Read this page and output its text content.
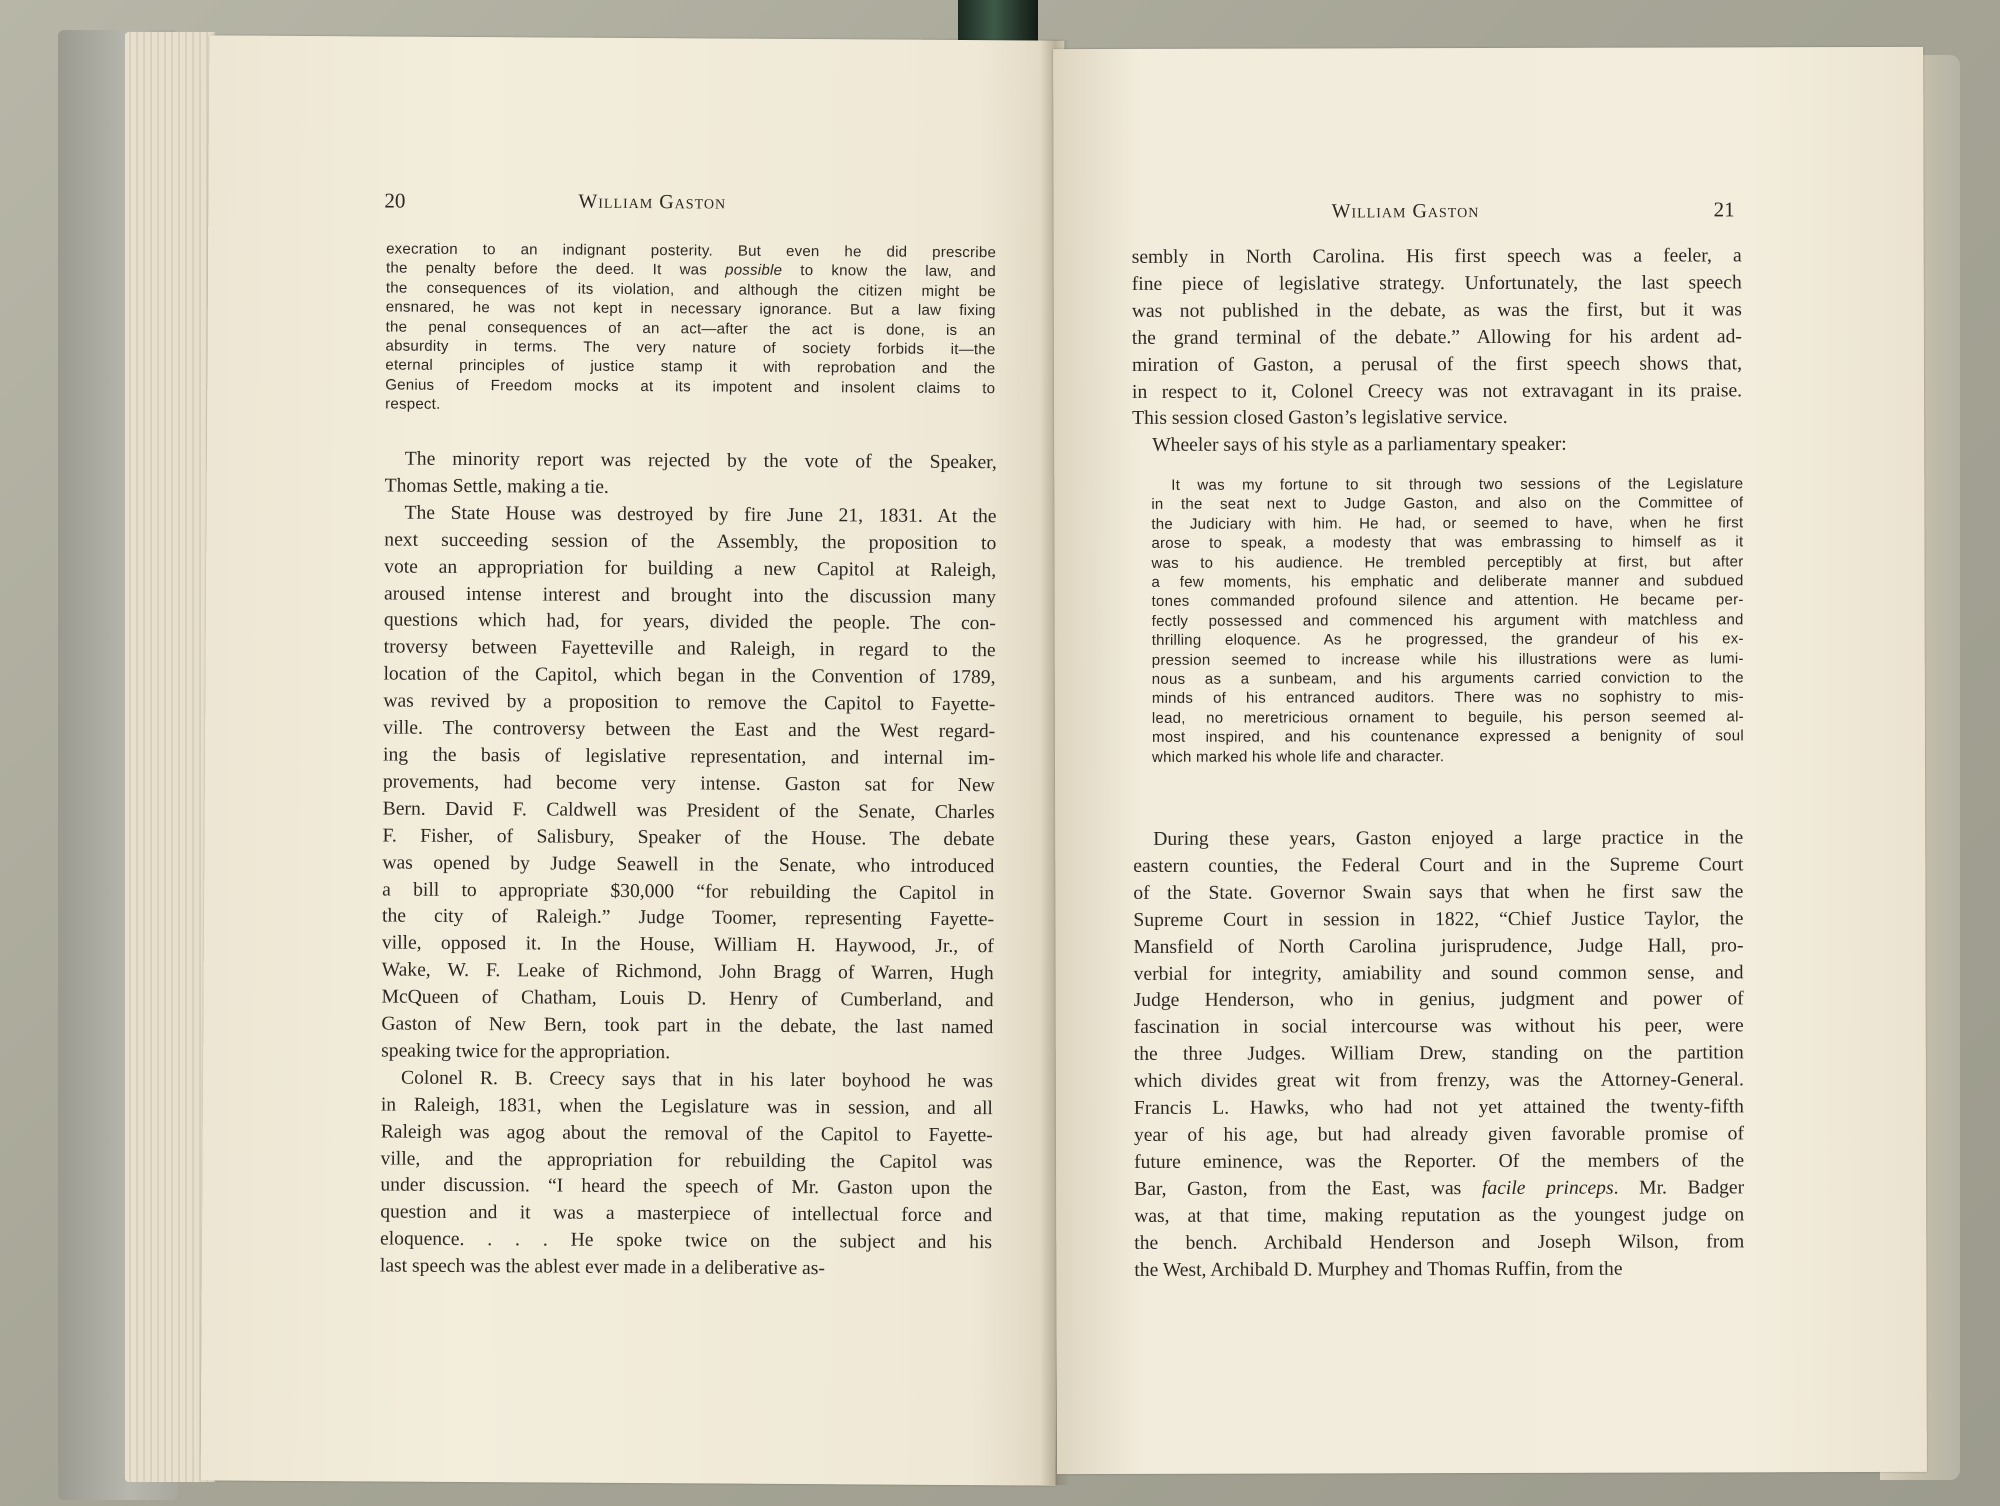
20	William Gaston
execration to an indignant posterity. But even he did prescribe
the penalty before the deed. It was possible to know the law, and
the consequences of its violation, and although the citizen might be
ensnared, he was not kept in necessary ignorance. But a law fixing
the penal consequences of an act—after the act is done, is an
absurdity in terms. The very nature of society forbids it—the
eternal principles of justice stamp it with reprobation and the
Genius of Freedom mocks at its impotent and insolent claims to
respect.
The minority report was rejected by the vote of the Speaker,
Thomas Settle, making a tie.
The State House was destroyed by fire June 21, 1831. At the
next succeeding session of the Assembly, the proposition to
vote an appropriation for building a new Capitol at Raleigh,
aroused intense interest and brought into the discussion many
questions which had, for years, divided the people. The con-
troversy between Fayetteville and Raleigh, in regard to the
location of the Capitol, which began in the Convention of 1789,
was revived by a proposition to remove the Capitol to Fayette-
ville. The controversy between the East and the West regard-
ing the basis of legislative representation, and internal im-
provements, had become very intense. Gaston sat for New
Bern. David F. Caldwell was President of the Senate, Charles
F. Fisher, of Salisbury, Speaker of the House. The debate
was opened by Judge Seawell in the Senate, who introduced
a bill to appropriate $30,000 “for rebuilding the Capitol in
the city of Raleigh.” Judge Toomer, representing Fayette-
ville, opposed it. In the House, William H. Haywood, Jr., of
Wake, W. F. Leake of Richmond, John Bragg of Warren, Hugh
McQueen of Chatham, Louis D. Henry of Cumberland, and
Gaston of New Bern, took part in the debate, the last named
speaking twice for the appropriation.
Colonel R. B. Creecy says that in his later boyhood he was
in Raleigh, 1831, when the Legislature was in session, and all
Raleigh was agog about the removal of the Capitol to Fayette-
ville, and the appropriation for rebuilding the Capitol was
under discussion. “I heard the speech of Mr. Gaston upon the
question and it was a masterpiece of intellectual force and
eloquence. . . . He spoke twice on the subject and his
last speech was the ablest ever made in a deliberative as-
William Gaston	21
sembly in North Carolina. His first speech was a feeler, a
fine piece of legislative strategy. Unfortunately, the last speech
was not published in the debate, as was the first, but it was
the grand terminal of the debate.” Allowing for his ardent ad-
miration of Gaston, a perusal of the first speech shows that,
in respect to it, Colonel Creecy was not extravagant in its praise.
This session closed Gaston’s legislative service.
Wheeler says of his style as a parliamentary speaker:
It was my fortune to sit through two sessions of the Legislature
in the seat next to Judge Gaston, and also on the Committee of
the Judiciary with him. He had, or seemed to have, when he first
arose to speak, a modesty that was embrassing to himself as it
was to his audience. He trembled perceptibly at first, but after
a few moments, his emphatic and deliberate manner and subdued
tones commanded profound silence and attention. He became per-
fectly possessed and commenced his argument with matchless and
thrilling eloquence. As he progressed, the grandeur of his ex-
pression seemed to increase while his illustrations were as lumi-
nous as a sunbeam, and his arguments carried conviction to the
minds of his entranced auditors. There was no sophistry to mis-
lead, no meretricious ornament to beguile, his person seemed al-
most inspired, and his countenance expressed a benignity of soul
which marked his whole life and character.
During these years, Gaston enjoyed a large practice in the
eastern counties, the Federal Court and in the Supreme Court
of the State. Governor Swain says that when he first saw the
Supreme Court in session in 1822, “Chief Justice Taylor, the
Mansfield of North Carolina jurisprudence, Judge Hall, pro-
verbial for integrity, amiability and sound common sense, and
Judge Henderson, who in genius, judgment and power of
fascination in social intercourse was without his peer, were
the three Judges. William Drew, standing on the partition
which divides great wit from frenzy, was the Attorney-General.
Francis L. Hawks, who had not yet attained the twenty-fifth
year of his age, but had already given favorable promise of
future eminence, was the Reporter. Of the members of the
Bar, Gaston, from the East, was facile princeps. Mr. Badger
was, at that time, making reputation as the youngest judge on
the bench. Archibald Henderson and Joseph Wilson, from
the West, Archibald D. Murphey and Thomas Ruffin, from the
